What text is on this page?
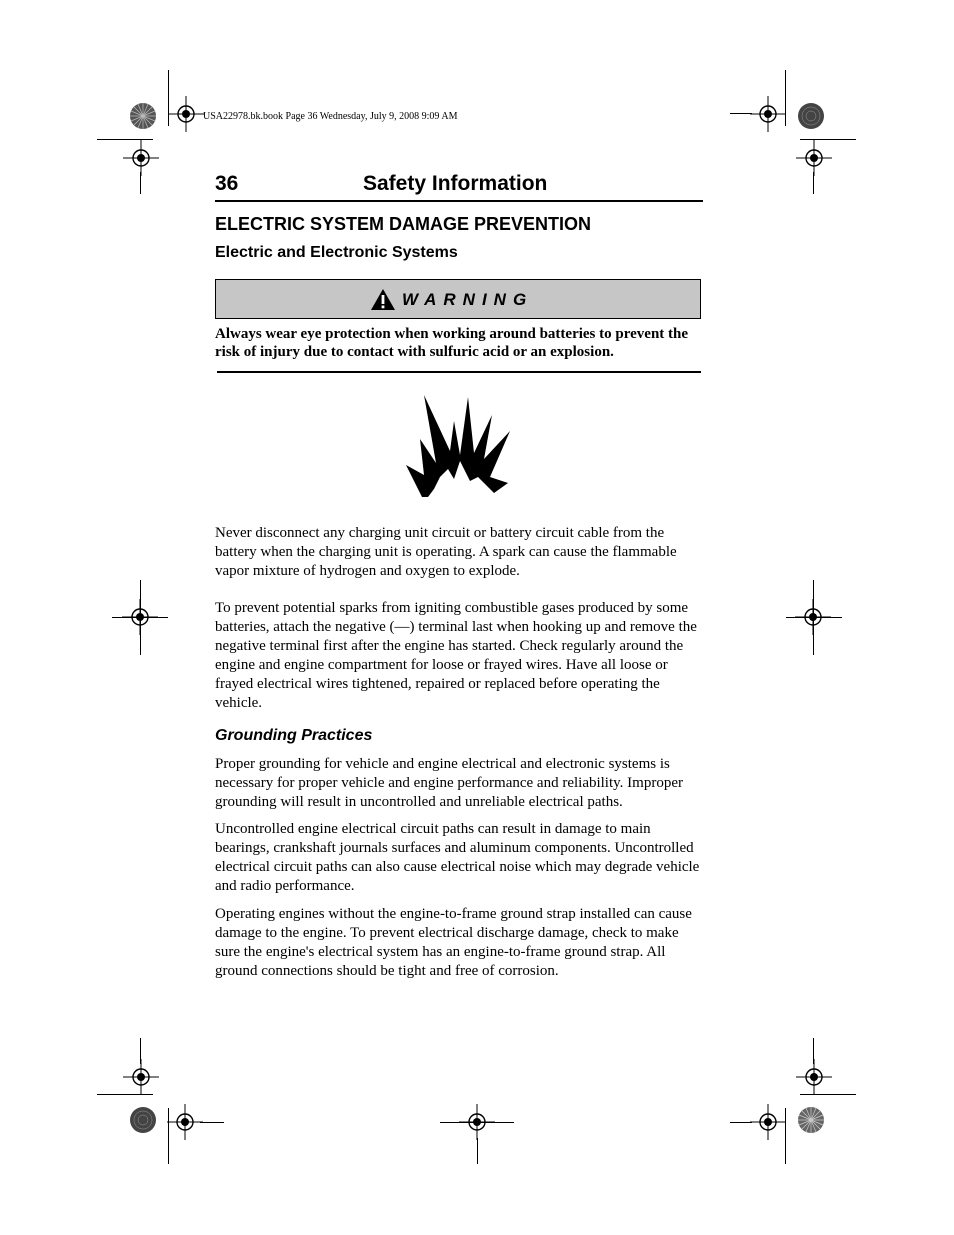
USA22978.bk.book Page 36 Wednesday, July 9, 2008 9:09 AM
36	Safety Information
ELECTRIC SYSTEM DAMAGE PREVENTION
Electric and Electronic Systems
WARNING
Always wear eye protection when working around batteries to prevent the risk of injury due to contact with sulfuric acid or an explosion.
Never disconnect any charging unit circuit or battery circuit cable from the battery when the charging unit is operating. A spark can cause the flammable vapor mixture of hydrogen and oxygen to explode.
To prevent potential sparks from igniting combustible gases produced by some batteries, attach the negative (—) terminal last when hooking up and remove the negative terminal first after the engine has started. Check regularly around the engine and engine compartment for loose or frayed wires. Have all loose or frayed electrical wires tightened, repaired or replaced before operating the vehicle.
Grounding Practices
Proper grounding for vehicle and engine electrical and electronic systems is necessary for proper vehicle and engine performance and reliability. Improper grounding will result in uncontrolled and unreliable electrical paths.
Uncontrolled engine electrical circuit paths can result in damage to main bearings, crankshaft journals surfaces and aluminum components. Uncontrolled electrical circuit paths can also cause electrical noise which may degrade vehicle and radio performance.
Operating engines without the engine-to-frame ground strap installed can cause damage to the engine. To prevent electrical discharge damage, check to make sure the engine's electrical system has an engine-to-frame ground strap. All ground connections should be tight and free of corrosion.
